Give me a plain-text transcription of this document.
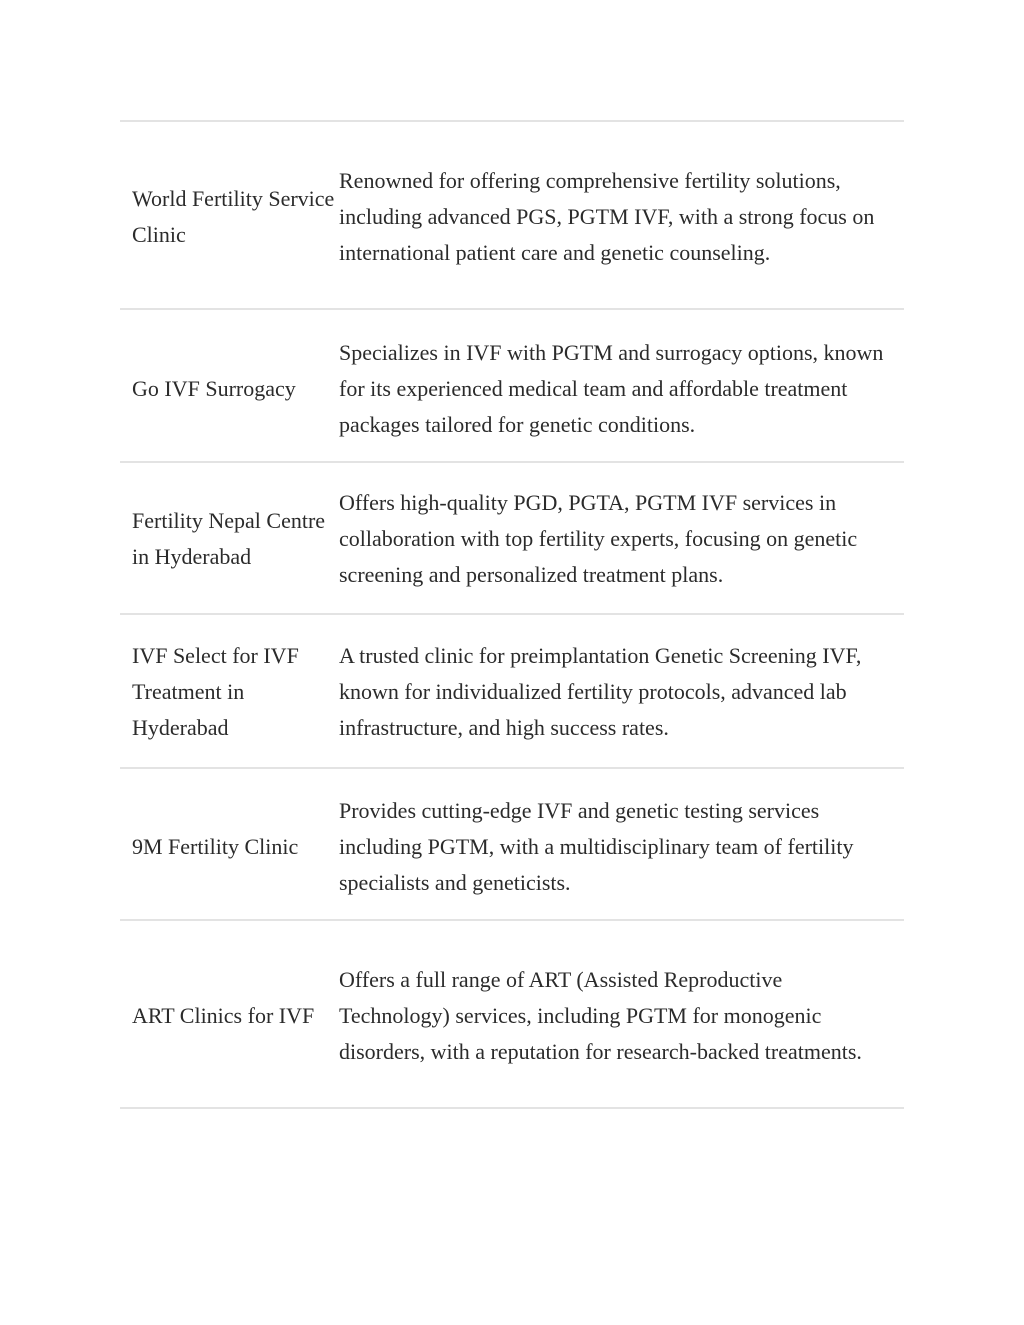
World Fertility Service Clinic
Renowned for offering comprehensive fertility solutions, including advanced PGS, PGTM IVF, with a strong focus on international patient care and genetic counseling.
Go IVF Surrogacy
Specializes in IVF with PGTM and surrogacy options, known for its experienced medical team and affordable treatment packages tailored for genetic conditions.
Fertility Nepal Centre in Hyderabad
Offers high-quality PGD, PGTA, PGTM IVF services in collaboration with top fertility experts, focusing on genetic screening and personalized treatment plans.
IVF Select for IVF Treatment in Hyderabad
A trusted clinic for preimplantation Genetic Screening IVF, known for individualized fertility protocols, advanced lab infrastructure, and high success rates.
9M Fertility Clinic
Provides cutting-edge IVF and genetic testing services including PGTM, with a multidisciplinary team of fertility specialists and geneticists.
ART Clinics for IVF
Offers a full range of ART (Assisted Reproductive Technology) services, including PGTM for monogenic disorders, with a reputation for research-backed treatments.
